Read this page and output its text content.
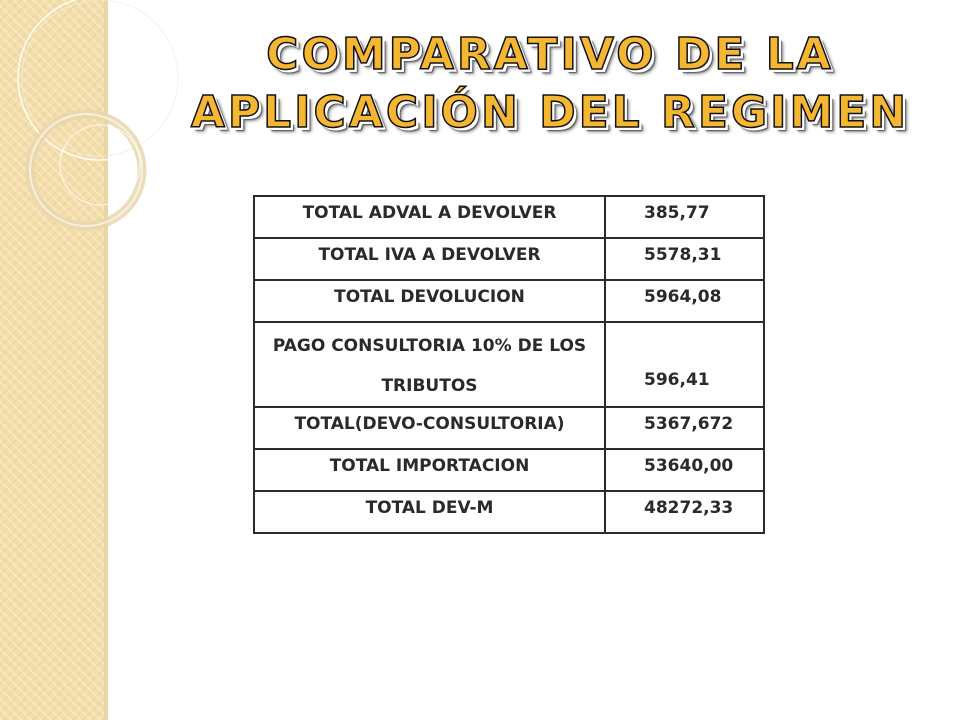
COMPARATIVO DE LA
APLICACIÓN DEL REGIMEN
TOTAL ADVAL A DEVOLVER	385,77
TOTAL IVA A DEVOLVER	5578,31
TOTAL DEVOLUCION	5964,08
PAGO CONSULTORIA 10% DE LOS
TRIBUTOS	596,41
TOTAL(DEVO-CONSULTORIA)	5367,672
TOTAL IMPORTACION	53640,00
TOTAL DEV-M	48272,33
